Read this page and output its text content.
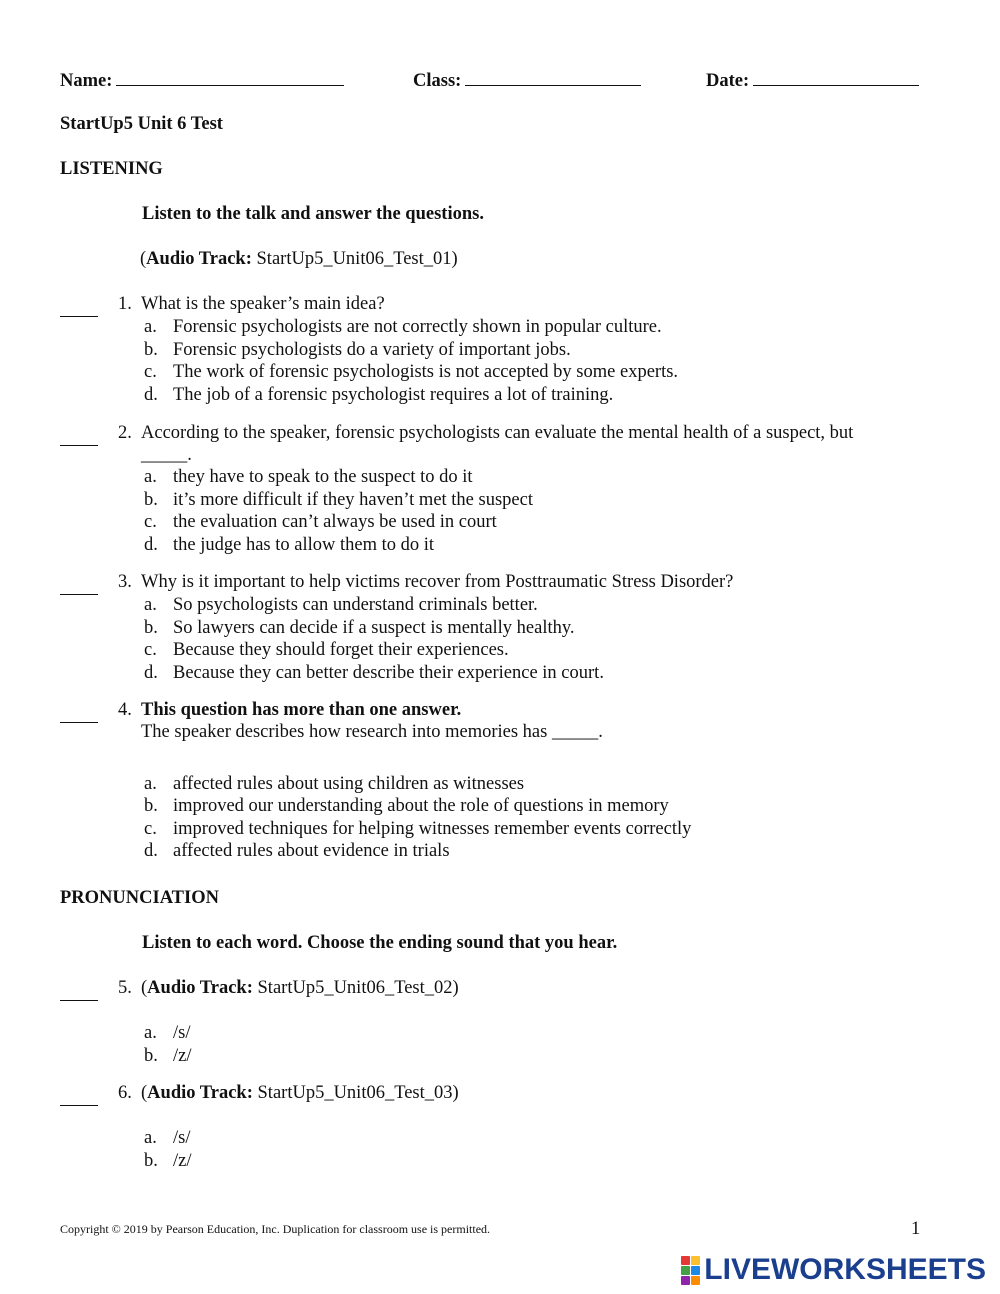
Name:	Class:	Date:
StartUp5 Unit 6 Test
LISTENING
Listen to the talk and answer the questions.
(Audio Track: StartUp5_Unit06_Test_01)
1. What is the speaker’s main idea?
a. Forensic psychologists are not correctly shown in popular culture.
b. Forensic psychologists do a variety of important jobs.
c. The work of forensic psychologists is not accepted by some experts.
d. The job of a forensic psychologist requires a lot of training.
2. According to the speaker, forensic psychologists can evaluate the mental health of a suspect, but
_____.
a. they have to speak to the suspect to do it
b. it’s more difficult if they haven’t met the suspect
c. the evaluation can’t always be used in court
d. the judge has to allow them to do it
3. Why is it important to help victims recover from Posttraumatic Stress Disorder?
a. So psychologists can understand criminals better.
b. So lawyers can decide if a suspect is mentally healthy.
c. Because they should forget their experiences.
d. Because they can better describe their experience in court.
4. This question has more than one answer.
The speaker describes how research into memories has _____.
a. affected rules about using children as witnesses
b. improved our understanding about the role of questions in memory
c. improved techniques for helping witnesses remember events correctly
d. affected rules about evidence in trials
PRONUNCIATION
Listen to each word. Choose the ending sound that you hear.
5. (Audio Track: StartUp5_Unit06_Test_02)
a. /s/
b. /z/
6. (Audio Track: StartUp5_Unit06_Test_03)
a. /s/
b. /z/
Copyright © 2019 by Pearson Education, Inc. Duplication for classroom use is permitted.	1
LIVEWORKSHEETS
